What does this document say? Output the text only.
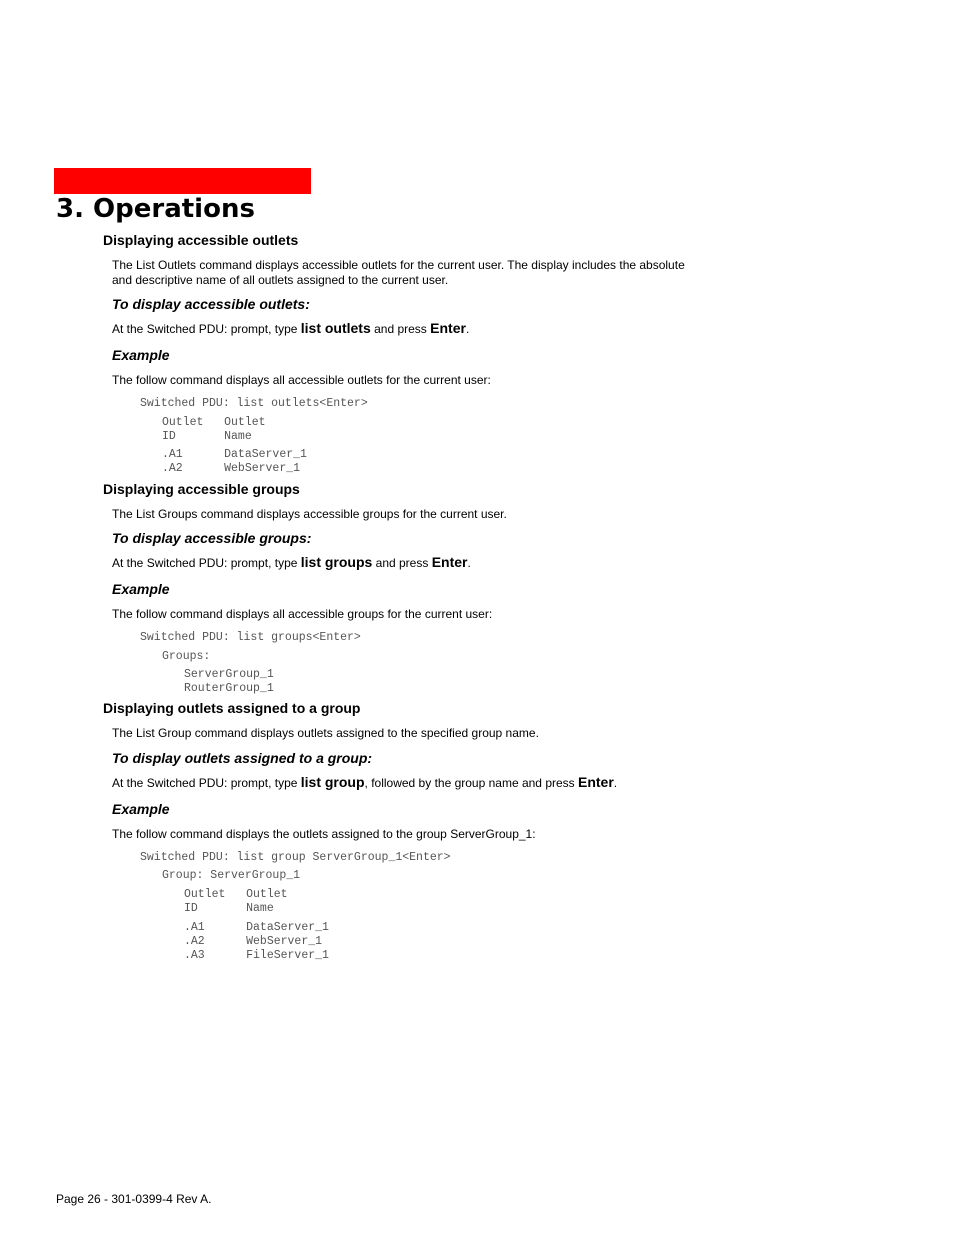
3. Operations
Displaying accessible outlets
The List Outlets command displays accessible outlets for the current user. The display includes the absolute
and descriptive name of all outlets assigned to the current user.
To display accessible outlets:
At the Switched PDU: prompt, type list outlets and press Enter.
Example
The follow command displays all accessible outlets for the current user:
Switched PDU: list outlets<Enter>
Outlet   Outlet
ID       Name
.A1      DataServer_1
.A2      WebServer_1
Displaying accessible groups
The List Groups command displays accessible groups for the current user.
To display accessible groups:
At the Switched PDU: prompt, type list groups and press Enter.
Example
The follow command displays all accessible groups for the current user:
Switched PDU: list groups<Enter>
Groups:
ServerGroup_1
RouterGroup_1
Displaying outlets assigned to a group
The List Group command displays outlets assigned to the specified group name.
To display outlets assigned to a group:
At the Switched PDU: prompt, type list group, followed by the group name and press Enter.
Example
The follow command displays the outlets assigned to the group ServerGroup_1:
Switched PDU: list group ServerGroup_1<Enter>
Group: ServerGroup_1
Outlet   Outlet
ID       Name
.A1      DataServer_1
.A2      WebServer_1
.A3      FileServer_1
Page 26 - 301-0399-4 Rev A.
